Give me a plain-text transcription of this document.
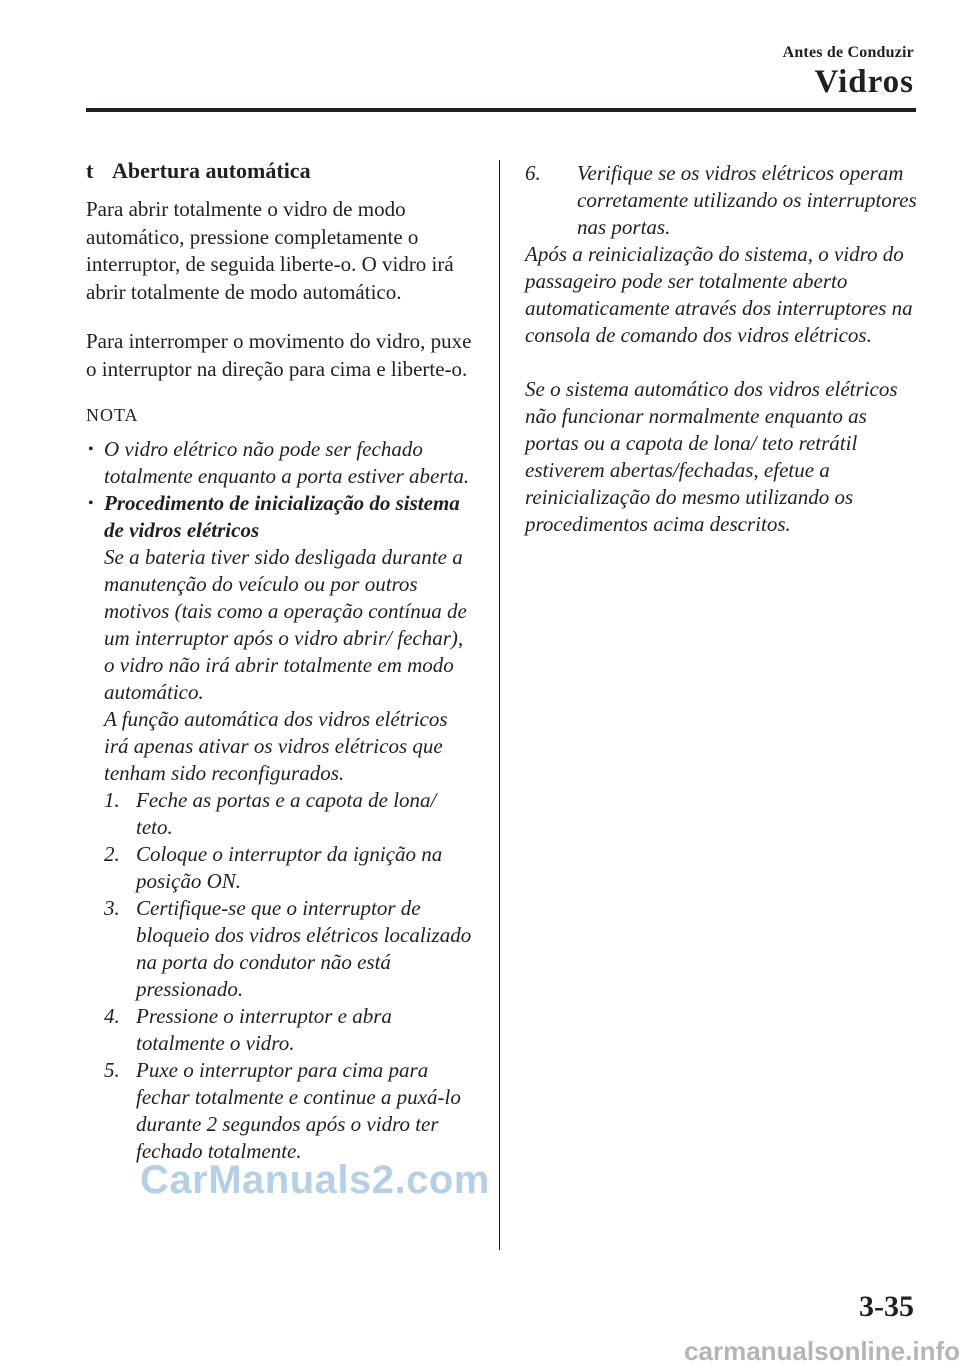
Antes de Conduzir
Vidros
t Abertura automática

Para abrir totalmente o vidro de modo automático, pressione completamente o interruptor, de seguida liberte-o. O vidro irá abrir totalmente de modo automático.

Para interromper o movimento do vidro, puxe o interruptor na direção para cima e liberte-o.

NOTA
• O vidro elétrico não pode ser fechado totalmente enquanto a porta estiver aberta.

• Procedimento de inicialização do sistema de vidros elétricos

Se a bateria tiver sido desligada durante a manutenção do veículo ou por outros motivos (tais como a operação contínua de um interruptor após o vidro abrir/ fechar), o vidro não irá abrir totalmente em modo automático.

A função automática dos vidros elétricos irá apenas ativar os vidros elétricos que tenham sido reconfigurados.

1. Feche as portas e a capota de lona/ teto.
2. Coloque o interruptor da ignição na posição ON.
3. Certifique-se que o interruptor de bloqueio dos vidros elétricos localizado na porta do condutor não está pressionado.
4. Pressione o interruptor e abra totalmente o vidro.
5. Puxe o interruptor para cima para fechar totalmente e continue a puxá-lo durante 2 segundos após o vidro ter fechado totalmente.
6. Verifique se os vidros elétricos operam corretamente utilizando os interruptores nas portas.

Após a reinicialização do sistema, o vidro do passageiro pode ser totalmente aberto automaticamente através dos interruptores na consola de comando dos vidros elétricos.

Se o sistema automático dos vidros elétricos não funcionar normalmente enquanto as portas ou a capota de lona/ teto retrátil estiverem abertas/fechadas, efetue a reinicialização do mesmo utilizando os procedimentos acima descritos.

CarManuals2.com
3-35
carmanualsonline.info
